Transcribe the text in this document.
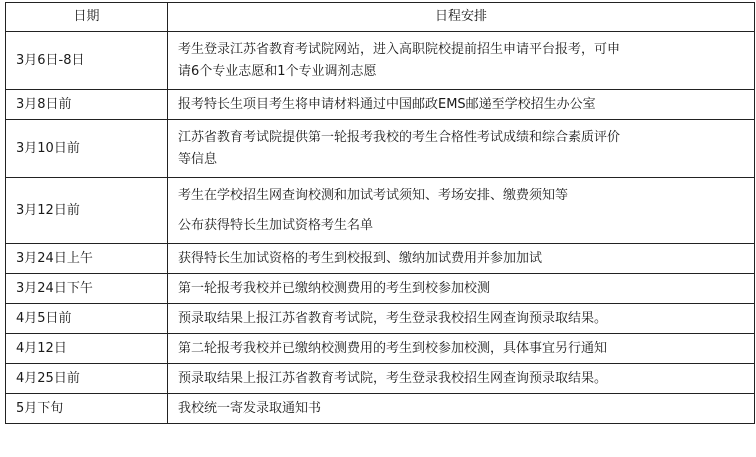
日期	日程安排
3月6日-8日	考生登录江苏省教育考试院网站，进入高职院校提前招生申请平台报考，可申
请6个专业志愿和1个专业调剂志愿

3月8日前	报考特长生项目考生将申请材料通过中国邮政EMS邮递至学校招生办公室

3月10日前	江苏省教育考试院提供第一轮报考我校的考生合格性考试成绩和综合素质评价
等信息

3月12日前	考生在学校招生网查询校测和加试考试须知、考场安排、缴费须知等
公布获得特长生加试资格考生名单

3月24日上午	获得特长生加试资格的考生到校报到、缴纳加试费用并参加加试

3月24日下午	第一轮报考我校并已缴纳校测费用的考生到校参加校测

4月5日前	预录取结果上报江苏省教育考试院，考生登录我校招生网查询预录取结果。

4月12日	第二轮报考我校并已缴纳校测费用的考生到校参加校测，具体事宜另行通知

4月25日前	预录取结果上报江苏省教育考试院，考生登录我校招生网查询预录取结果。

5月下旬	我校统一寄发录取通知书
